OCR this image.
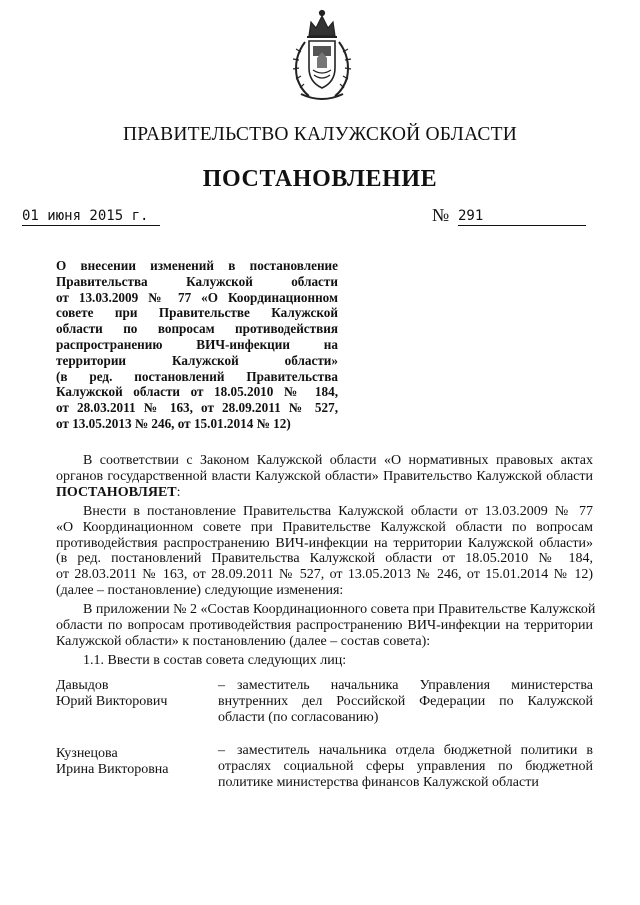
ПРАВИТЕЛЬСТВО КАЛУЖСКОЙ ОБЛАСТИ
ПОСТАНОВЛЕНИЕ
01 июня 2015 г.	№ 291
О внесении изменений в постановление
Правительства Калужской области
от 13.03.2009 № 77 «О Координационном
совете при Правительстве Калужской
области по вопросам противодействия
распространению ВИЧ-инфекции на
территории Калужской области»
(в ред. постановлений Правительства
Калужской области от 18.05.2010 № 184,
от 28.03.2011 № 163, от 28.09.2011 № 527,
от 13.05.2013 № 246, от 15.01.2014 № 12)
В соответствии с Законом Калужской области «О нормативных правовых актах
органов государственной власти Калужской области» Правительство Калужской области
ПОСТАНОВЛЯЕТ:
Внести в постановление Правительства Калужской области от 13.03.2009 № 77
«О Координационном совете при Правительстве Калужской области по вопросам
противодействия распространению ВИЧ-инфекции на территории Калужской области»
(в ред. постановлений Правительства Калужской области от 18.05.2010 № 184,
от 28.03.2011 № 163, от 28.09.2011 № 527, от 13.05.2013 № 246, от 15.01.2014 № 12)
(далее – постановление) следующие изменения:
В приложении № 2 «Состав Координационного совета при Правительстве Калужской
области по вопросам противодействия распространению ВИЧ-инфекции на территории
Калужской области» к постановлению (далее – состав совета):
1.1. Ввести в состав совета следующих лиц:
Давыдов
Юрий Викторович
– заместитель начальника Управления министерства
внутренних дел Российской Федерации по Калужской
области (по согласованию)
Кузнецова
Ирина Викторовна
– заместитель начальника отдела бюджетной политики в
отраслях социальной сферы управления по бюджетной
политике министерства финансов Калужской области
